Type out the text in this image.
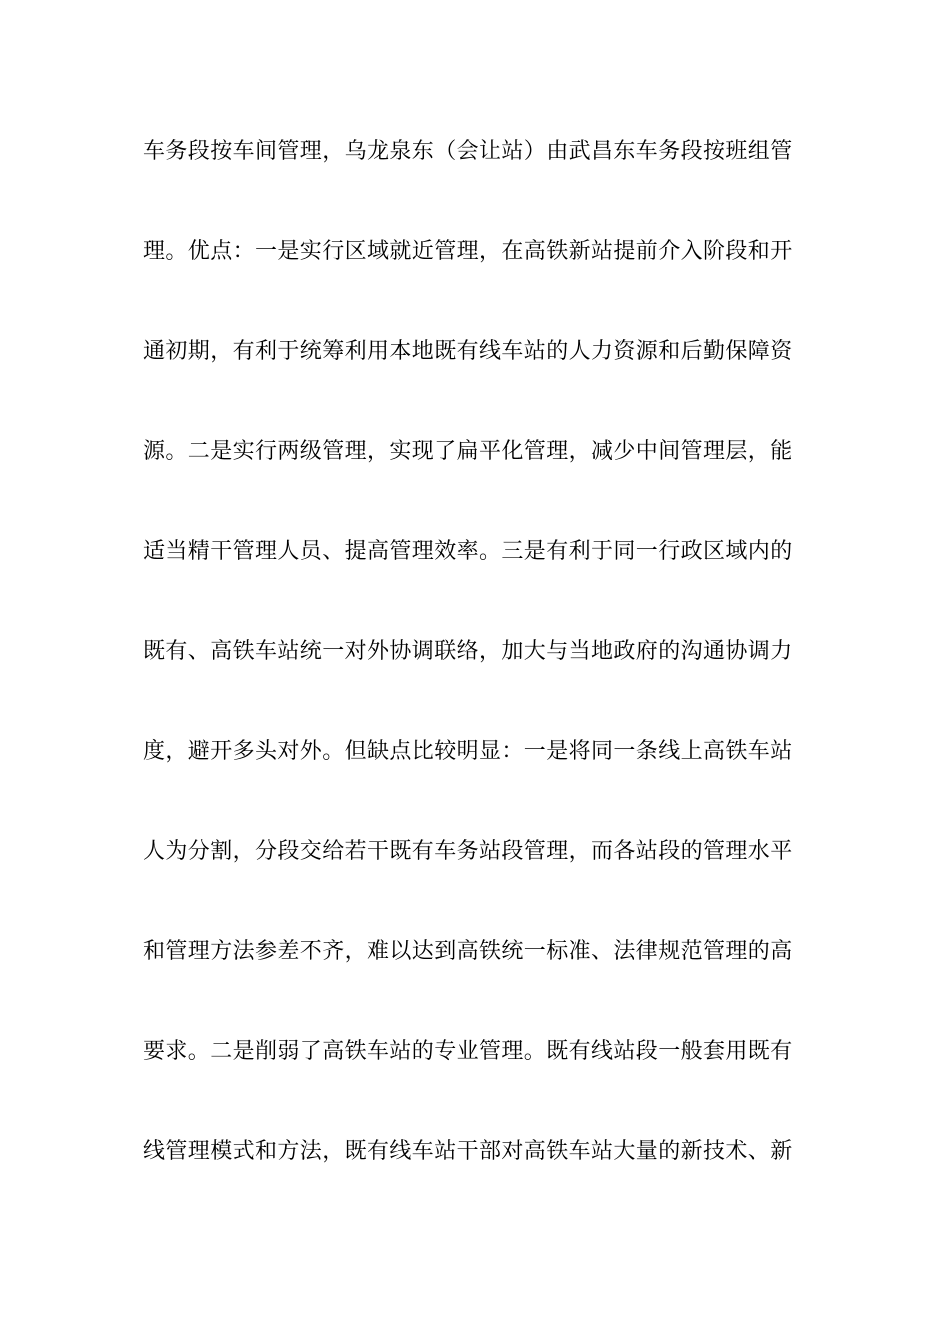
车务段按车间管理，乌龙泉东（会让站）由武昌东车务段按班组管
理。优点：一是实行区域就近管理，在高铁新站提前介入阶段和开
通初期，有利于统筹利用本地既有线车站的人力资源和后勤保障资
源。二是实行两级管理，实现了扁平化管理，减少中间管理层，能
适当精干管理人员、提高管理效率。三是有利于同一行政区域内的
既有、高铁车站统一对外协调联络，加大与当地政府的沟通协调力
度，避开多头对外。但缺点比较明显：一是将同一条线上高铁车站
人为分割，分段交给若干既有车务站段管理，而各站段的管理水平
和管理方法参差不齐，难以达到高铁统一标准、法律规范管理的高
要求。二是削弱了高铁车站的专业管理。既有线站段一般套用既有
线管理模式和方法，既有线车站干部对高铁车站大量的新技术、新
